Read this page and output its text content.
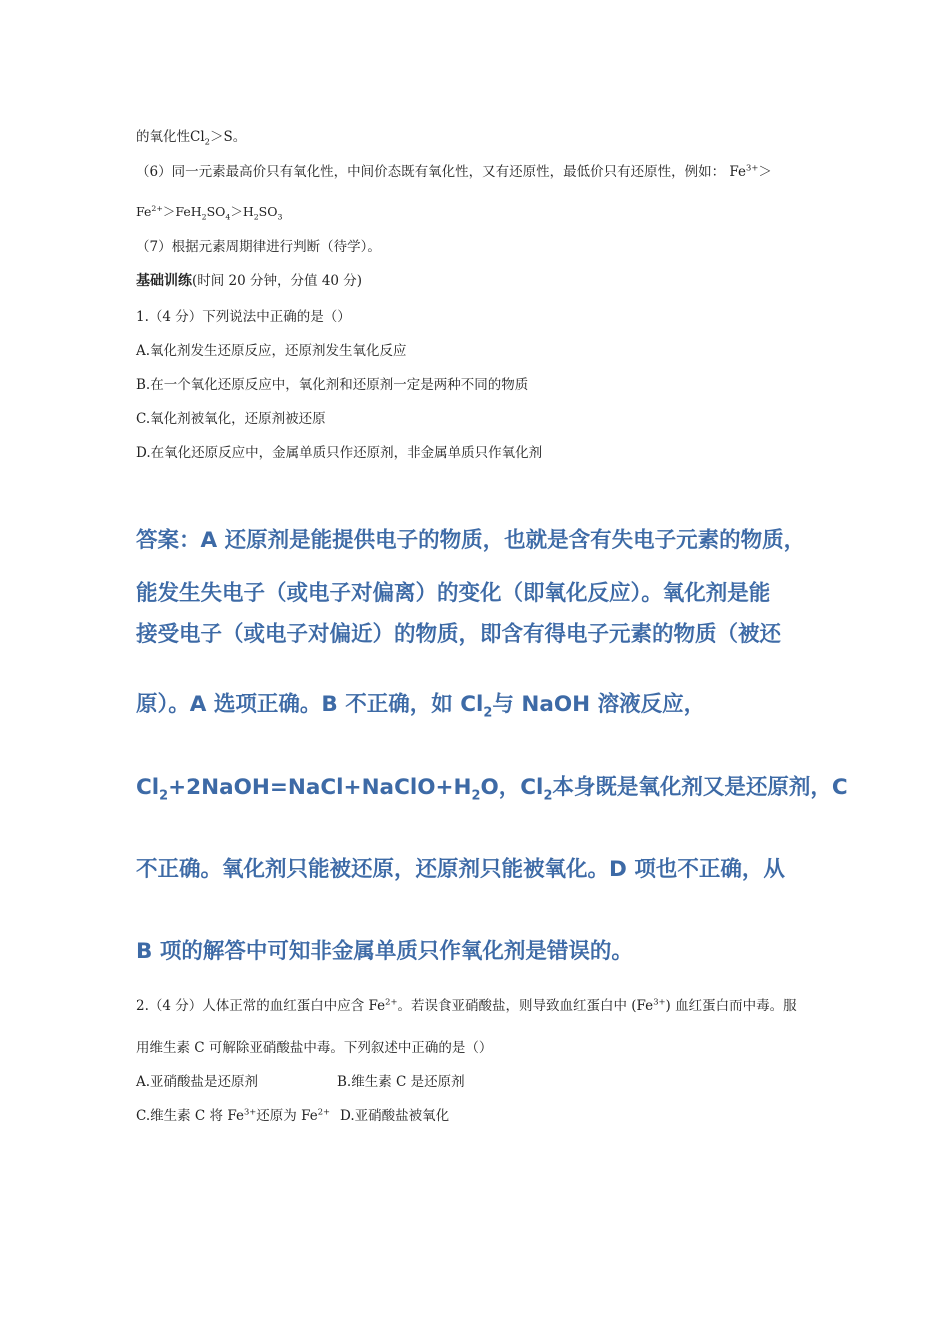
的氧化性$Cl_2>S$。
（6）同一元素最高价只有氧化性，中间价态既有氧化性，又有还原性，最低价只有还原性，例如： $Fe^{3+}>$
$Fe^{2+}>FeH_2SO_4>H_2SO_3$
（7）根据元素周期律进行判断（待学）。
基础训练(时间 20 分钟，分值 40 分)
1.（4 分）下列说法中正确的是（）
A.氧化剂发生还原反应，还原剂发生氧化反应
B.在一个氧化还原反应中，氧化剂和还原剂一定是两种不同的物质
C.氧化剂被氧化，还原剂被还原
D.在氧化还原反应中，金属单质只作还原剂，非金属单质只作氧化剂
答案：A 还原剂是能提供电子的物质，也就是含有失电子元素的物质，
能发生失电子（或电子对偏离）的变化（即氧化反应）。氧化剂是能
接受电子（或电子对偏近）的物质，即含有得电子元素的物质（被还
原）。A 选项正确。B 不正确，如 $Cl_2$与 NaOH 溶液反应，
$Cl_2+2NaOH=NaCl+NaClO+H_2O$，$Cl_2$本身既是氧化剂又是还原剂，C
不正确。氧化剂只能被还原，还原剂只能被氧化。D 项也不正确，从
B 项的解答中可知非金属单质只作氧化剂是错误的。
2.（4 分）人体正常的血红蛋白中应含 $Fe^{2+}$。若误食亚硝酸盐，则导致血红蛋白中 $(Fe^{3+})$ 血红蛋白而中毒。服
用维生素 C 可解除亚硝酸盐中毒。下列叙述中正确的是（）
A.亚硝酸盐是还原剂	B.维生素 C 是还原剂
C.维生素 C 将 $Fe^{3+}$还原为 $Fe^{2+}$ D.亚硝酸盐被氧化
